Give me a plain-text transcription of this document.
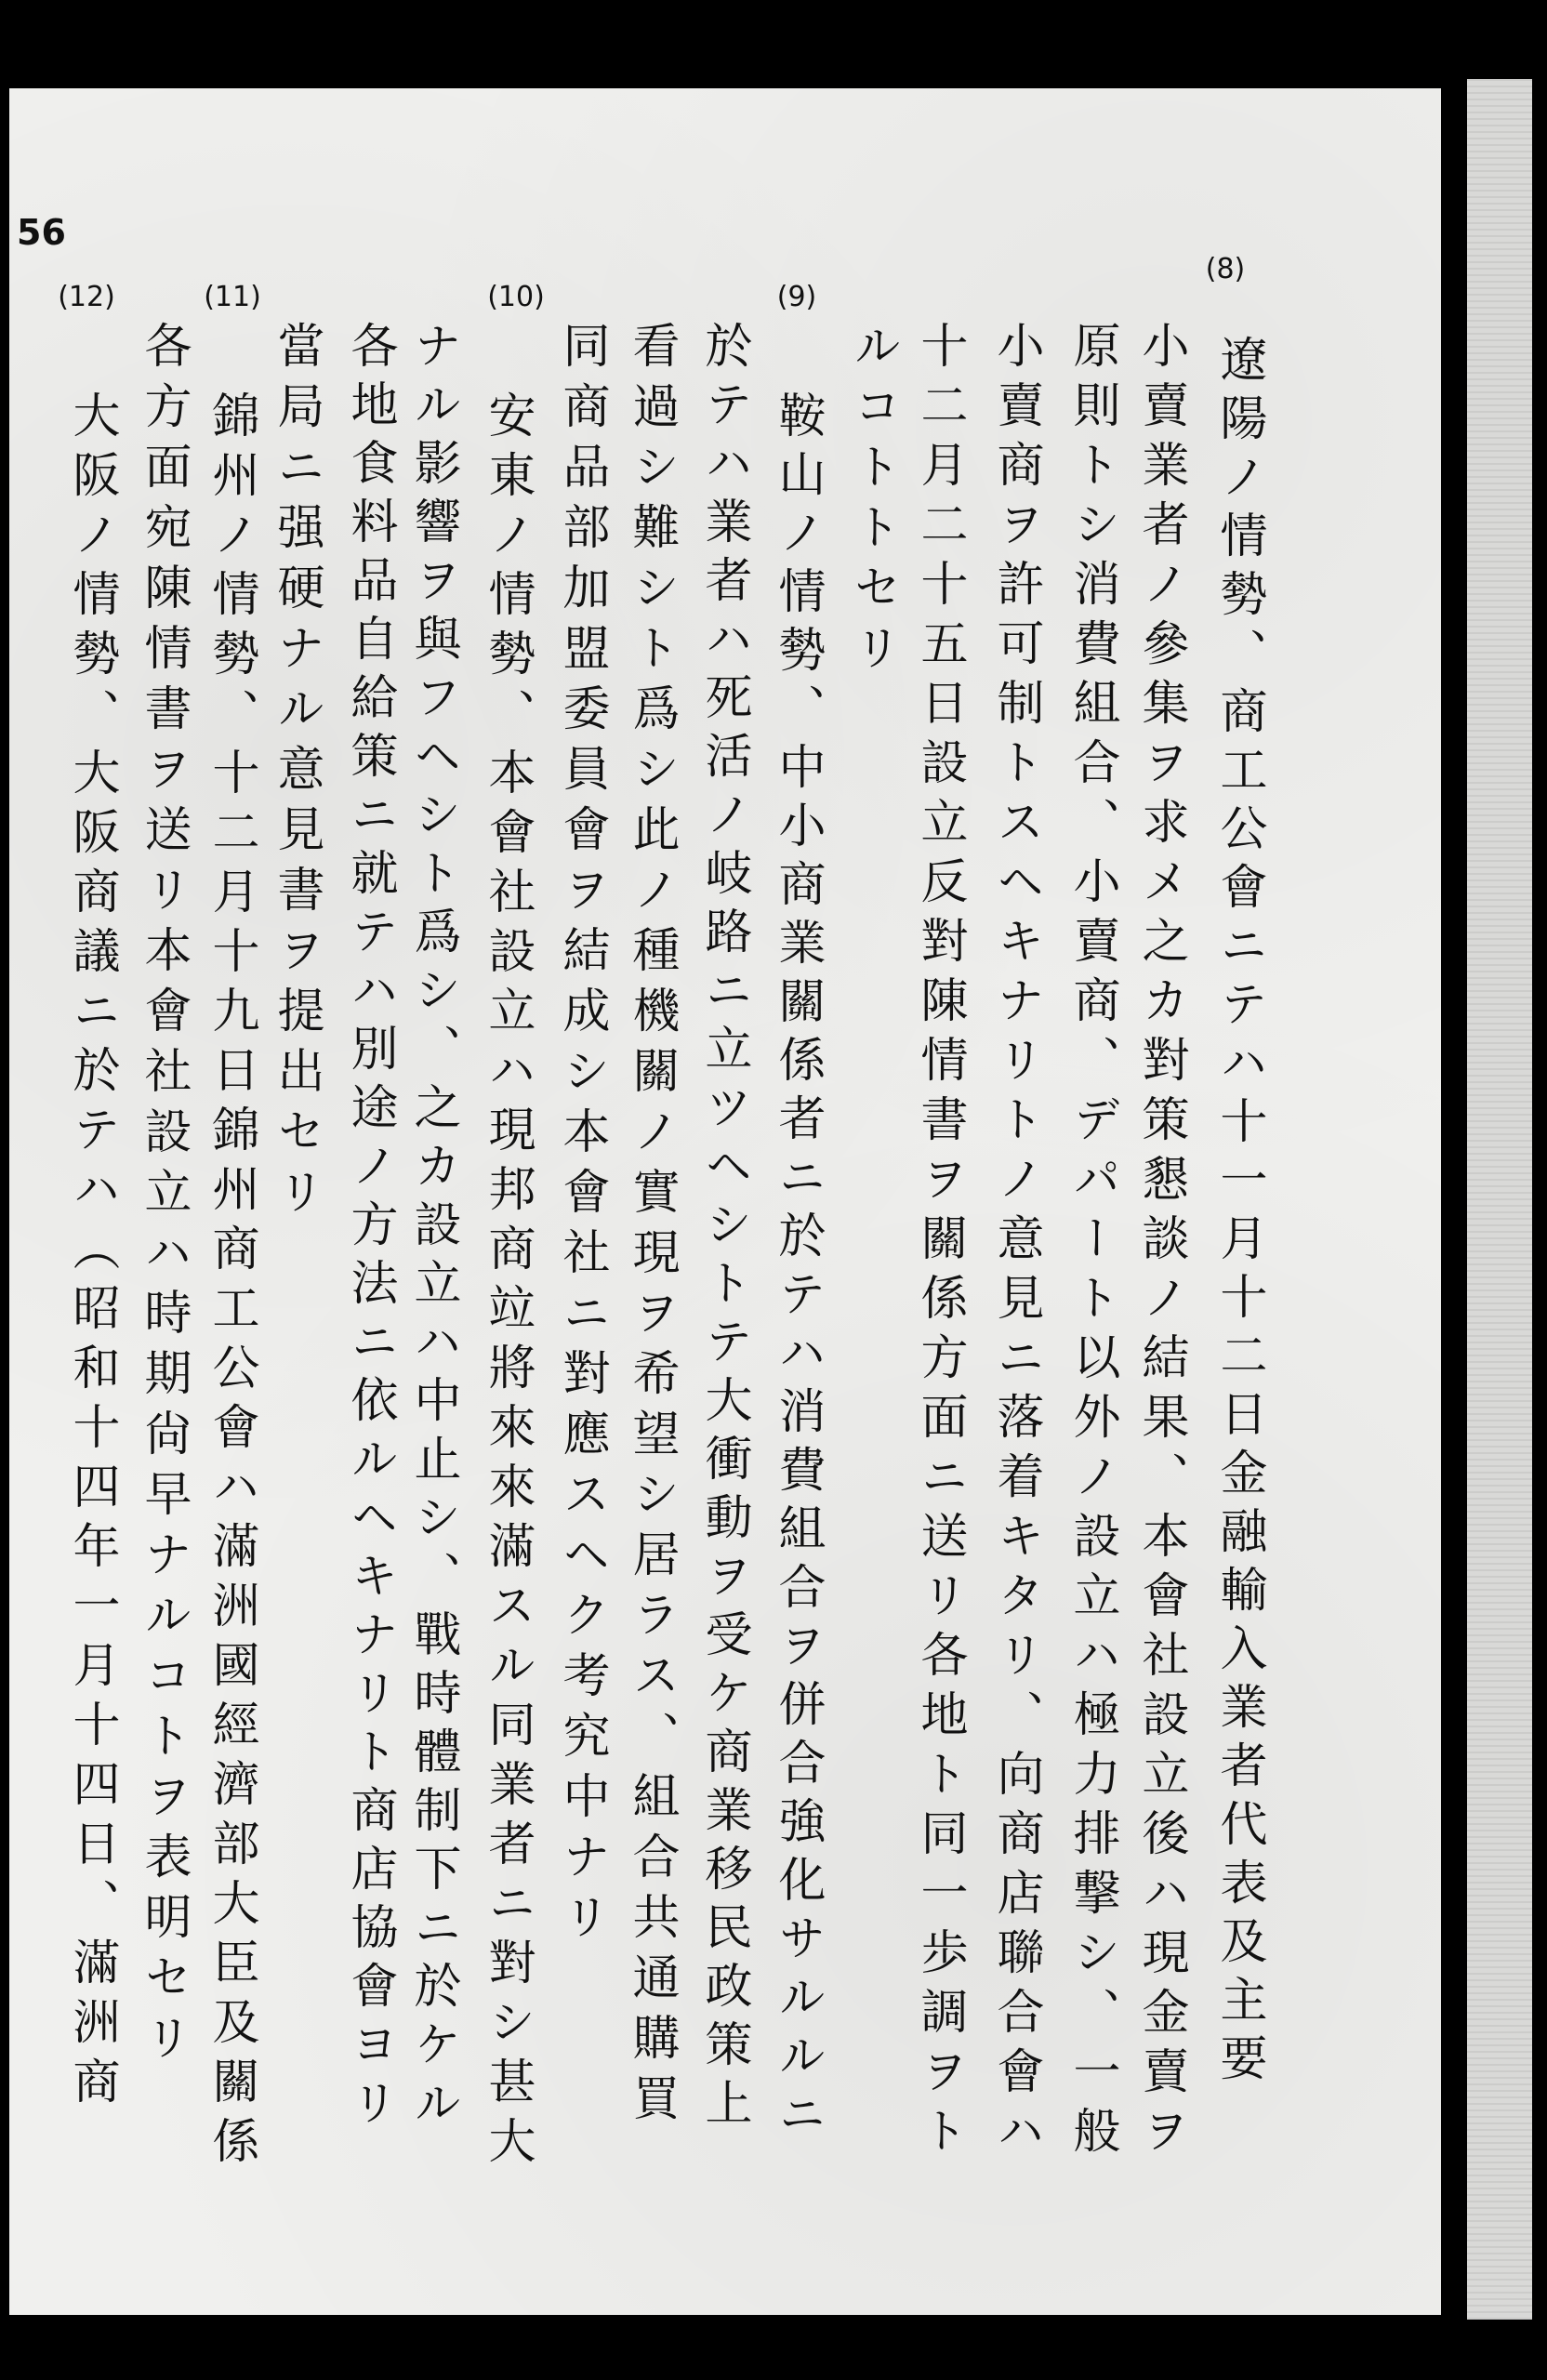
56
(8)
(9)
(10)
(11)
(12)
遼陽ノ情勢、商工公會ニテハ十一月十二日金融輸入業者代表及主要
小賣業者ノ參集ヲ求メ之カ對策懇談ノ結果、本會社設立後ハ現金賣ヲ
原則トシ消費組合、小賣商、デパート以外ノ設立ハ極力排撃シ、一般
小賣商ヲ許可制トスヘキナリトノ意見ニ落着キタリ、向商店聯合會ハ
十二月二十五日設立反對陳情書ヲ關係方面ニ送リ各地ト同一歩調ヲト
ルコトトセリ
鞍山ノ情勢、中小商業關係者ニ於テハ消費組合ヲ併合強化サルルニ
於テハ業者ハ死活ノ岐路ニ立ツヘシトテ大衝動ヲ受ケ商業移民政策上
看過シ難シト爲シ此ノ種機關ノ實現ヲ希望シ居ラス、組合共通購買
同商品部加盟委員會ヲ結成シ本會社ニ對應スヘク考究中ナリ
安東ノ情勢、本會社設立ハ現邦商竝將來來滿スル同業者ニ對シ甚大
ナル影響ヲ與フヘシト爲シ、之カ設立ハ中止シ、戰時體制下ニ於ケル
各地食料品自給策ニ就テハ別途ノ方法ニ依ルヘキナリト商店協會ヨリ
當局ニ强硬ナル意見書ヲ提出セリ
錦州ノ情勢、十二月十九日錦州商工公會ハ滿洲國經濟部大臣及關係
各方面宛陳情書ヲ送リ本會社設立ハ時期尙早ナルコトヲ表明セリ
大阪ノ情勢、大阪商議ニ於テハ（昭和十四年一月十四日、滿洲商
